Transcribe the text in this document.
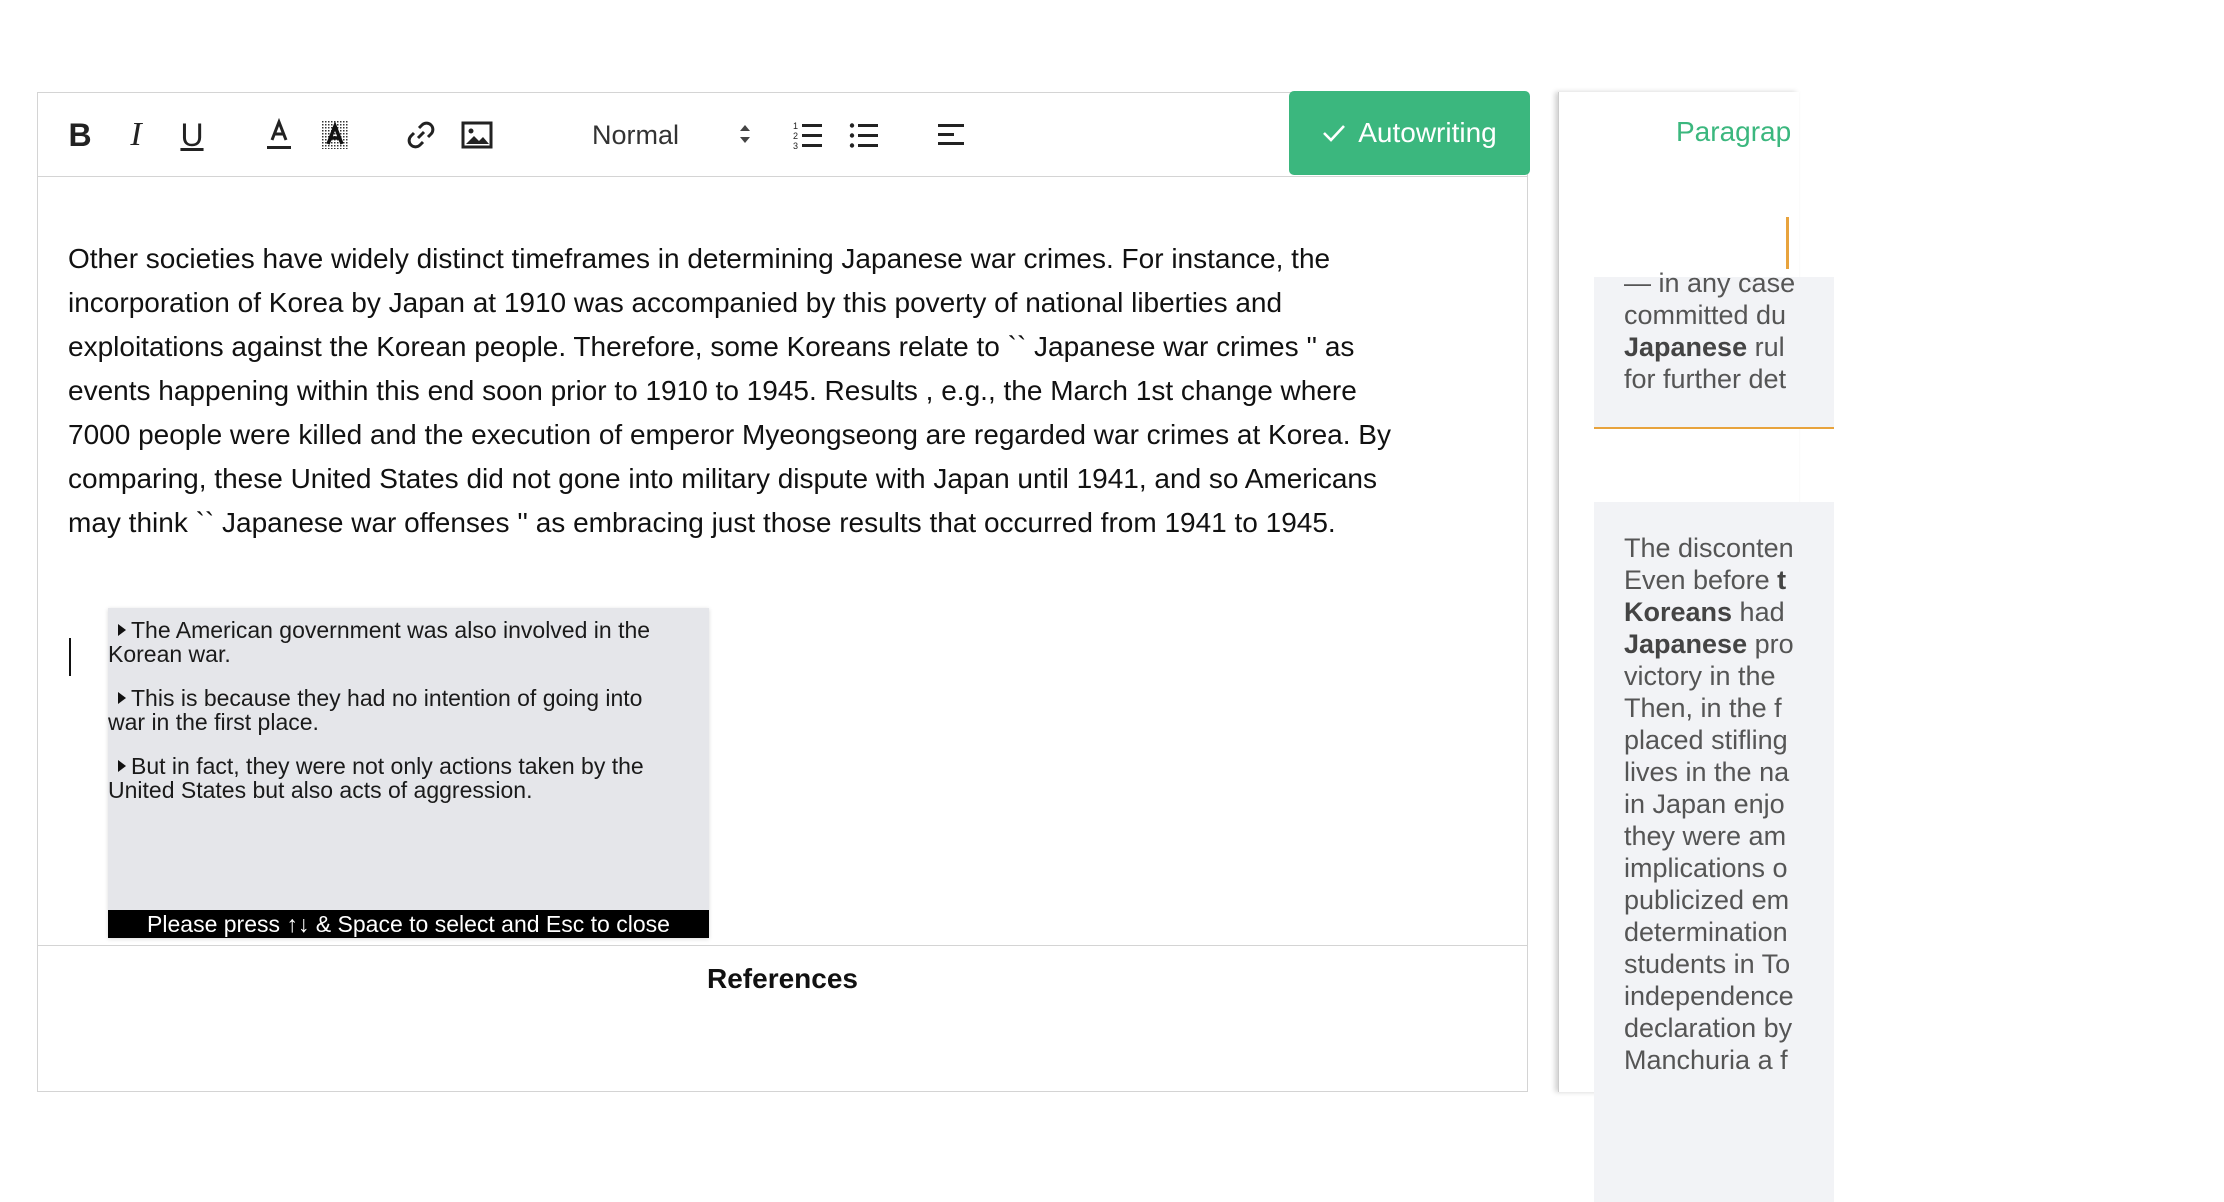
B I U	Normal	1
2
3	Autowriting
Other societies have widely distinct timeframes in determining Japanese war crimes. For instance, the
incorporation of Korea by Japan at 1910 was accompanied by this poverty of national liberties and
exploitations against the Korean people. Therefore, some Koreans relate to `` Japanese war crimes '' as
events happening within this end soon prior to 1910 to 1945. Results , e.g., the March 1st change where
7000 people were killed and the execution of emperor Myeongseong are regarded war crimes at Korea. By
comparing, these United States did not gone into military dispute with Japan until 1941, and so Americans
may think `` Japanese war offenses '' as embracing just those results that occurred from 1941 to 1945.
The American government was also involved in the
Korean war.
This is because they had no intention of going into
war in the first place.
But in fact, they were not only actions taken by the
United States but also acts of aggression.
Please press ↑↓ & Space to select and Esc to close
References
Paragrap
— in any case
committed du
Japanese rul
for further det
The disconten
Even before t
Koreans had
Japanese pro
victory in the
Then, in the f
placed stifling
lives in the na
in Japan enjo
they were am
implications o
publicized em
determination
students in To
independence
declaration by
Manchuria a f
